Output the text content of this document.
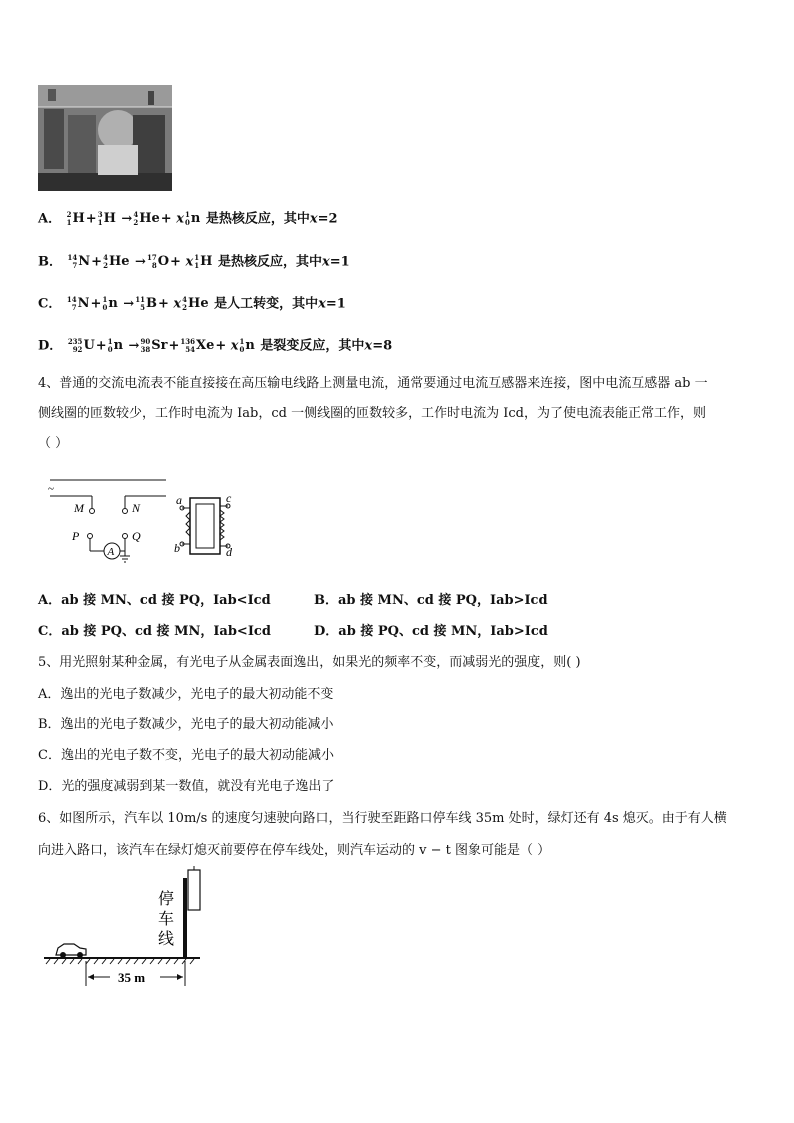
A． 2
1 H+ 3
1 H → 4
2 He+ x 1
0 n 是热核反应，其中x=2
B． 14
7 N+ 4
2 He → 17
8 O+ x 1
1 H 是热核反应，其中x=1
C． 14
7 N+ 1
0 n → 11
5 B+ x 4
2 He 是人工转变，其中x=1
D． 235
92 U+ 1
0 n → 90
38 Sr+ 136
54 Xe+ x 1
0 n 是裂变反应，其中x=8
4、普通的交流电流表不能直接接在高压输电线路上测量电流，通常要通过电流互感器来连接，图中电流互感器 ab 一
侧线圈的匝数较少，工作时电流为 Iab，cd 一侧线圈的匝数较多，工作时电流为 Icd，为了使电流表能正常工作，则
（ ）
~
M	N
P	Q
A
a
b
c
d
A．ab 接 MN、cd 接 PQ，Iab<Icd	B．ab 接 MN、cd 接 PQ，Iab>Icd
C．ab 接 PQ、cd 接 MN，Iab<Icd	D．ab 接 PQ、cd 接 MN，Iab>Icd
5、用光照射某种金属，有光电子从金属表面逸出，如果光的频率不变，而减弱光的强度，则( )
A．逸出的光电子数减少，光电子的最大初动能不变
B．逸出的光电子数减少，光电子的最大初动能减小
C．逸出的光电子数不变，光电子的最大初动能减小
D．光的强度减弱到某一数值，就没有光电子逸出了
6、如图所示，汽车以 10m/s 的速度匀速驶向路口，当行驶至距路口停车线 35m 处时，绿灯还有 4s 熄灭。由于有人横
向进入路口，该汽车在绿灯熄灭前要停在停车线处，则汽车运动的 v − t 图象可能是（ ）
停
车
线
35 m
